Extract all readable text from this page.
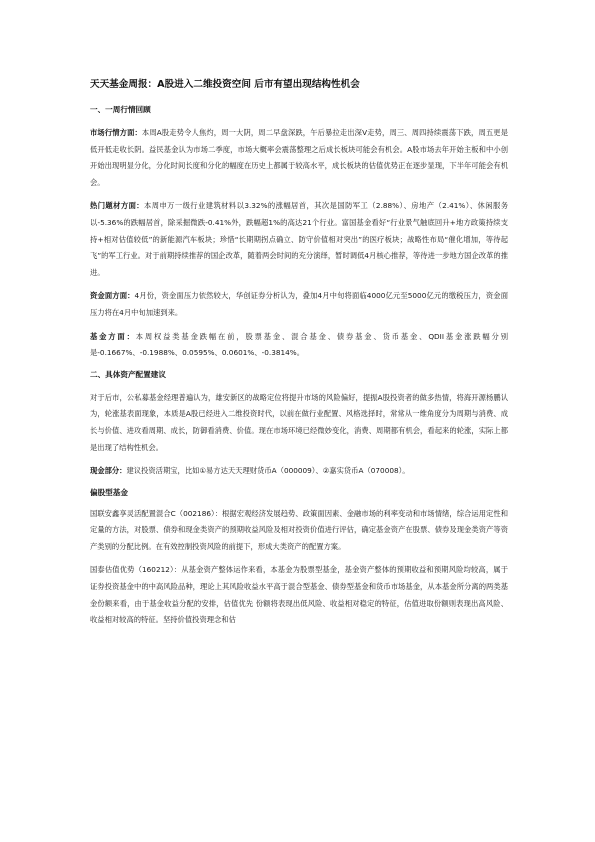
天天基金周报：A股进入二维投资空间 后市有望出现结构性机会
一、一周行情回顾

市场行情方面：本周A股走势令人焦灼，周一大阴，周二早盘深跌，午后暴拉走出深V走势，周三、周四持续震荡下跌，周五更是低开低走收长阴。益民基金认为市场二季度，市场大概率会震荡整理之后成长板块可能会有机会。A股市场去年开始主板和中小创开始出现明显分化，分化时间长度和分化的幅度在历史上都属于较高水平，成长板块的估值优势正在逐步显现，下半年可能会有机会。

热门题材方面：本周申万一级行业建筑材料以3.32%的涨幅居首，其次是国防军工（2.88%）、房地产（2.41%）、休闲服务以-5.36%的跌幅居首，除采掘微跌-0.41%外，跌幅超1%的高达21个行业。富国基金看好“行业景气触底回升+地方政策持续支持+相对估值较低”的新能源汽车板块；珍惜“长期期拐点确立、防守价值相对突出”的医疗板块；战略性布局“催化增加，等待起飞”的军工行业。对于前期持续推荐的国企改革，随着两会时间的充分演绎，暂时调低4月核心推荐，等待进一步地方国企改革的推进。

资金面方面：4月份，资金面压力依然较大，华创证券分析认为，叠加4月中旬将面临4000亿元至5000亿元的缴税压力，资金面压力将在4月中旬加速到来。

基金方面：本周权益类基金跌幅在前，股票基金、混合基金、债券基金、货币基金、QDII基金涨跌幅分别是-0.1667%、-0.1988%、0.0595%、0.0601%、-0.3814%。

二、具体资产配置建议

对于后市，公私募基金经理普遍认为，雄安新区的战略定位将提升市场的风险偏好，提振A股投资者的做多热情，将海开源杨鹏认为，轮涨基表面现象，本质是A股已经进入二维投资时代，以前在做行业配置、风格选择时，常常从一维角度分为周期与消费、成长与价值、进攻看周期、成长，防御看消费、价值。现在市场环境已经微妙变化，消费、周期都有机会，看起来的轮涨，实际上都是出现了结构性机会。

现金部分：建议投资活期宝，比如①易方达天天理财货币A（000009）、②嘉实货币A（070008）。

偏股型基金

国联安鑫享灵活配置混合C（002186）：根据宏观经济发展趋势、政策面因素、金融市场的利率变动和市场情绪，综合运用定性和定量的方法，对股票、债券和现金类资产的预期收益风险及相对投资价值进行评估，确定基金资产在股票、债券及现金类资产等资产类别的分配比例。在有效控制投资风险的前提下，形成大类资产的配置方案。

国泰估值优势（160212）：从基金资产整体运作来看，本基金为股票型基金，基金资产整体的预期收益和预期风险均较高，属于证券投资基金中的中高风险品种，理论上其风险收益水平高于混合型基金、债券型基金和货币市场基金，从本基金所分离的两类基金份额来看，由于基金收益分配的安排，估值优先 份额将表现出低风险、收益相对稳定的特征，估值进取份额则表现出高风险、收益相对较高的特征。坚持价值投资理念和估
